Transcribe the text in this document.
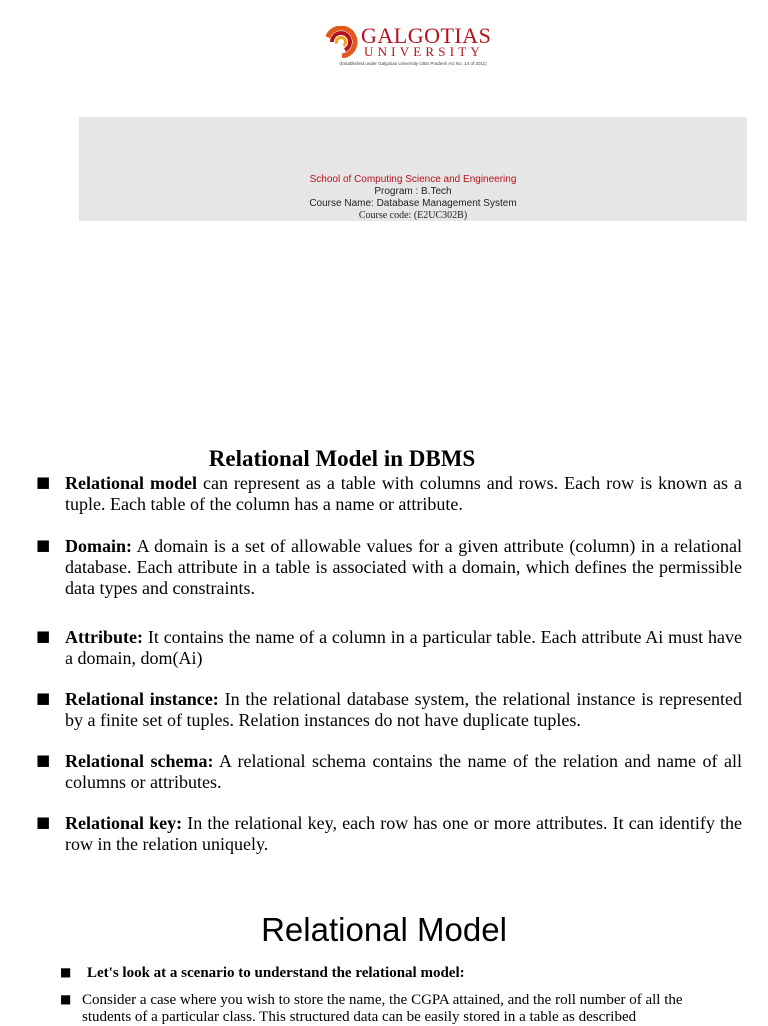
GALGOTIAS
UNIVERSITY
(Established under Galgotias University Uttar Pradesh Act No. 14 of 2011)
School of Computing Science and Engineering
Program : B.Tech
Course Name: Database Management System
Course code: (E2UC302B)
Relational Model in DBMS
■ Relational model can represent as a table with columns and rows. Each row is known as a tuple. Each table of the column has a name or attribute.
■ Domain: A domain is a set of allowable values for a given attribute (column) in a relational database. Each attribute in a table is associated with a domain, which defines the permissible data types and constraints.
■ Attribute: It contains the name of a column in a particular table. Each attribute Ai must have a domain, dom(Ai)
■ Relational instance: In the relational database system, the relational instance is represented by a finite set of tuples. Relation instances do not have duplicate tuples.
■ Relational schema: A relational schema contains the name of the relation and name of all columns or attributes.
■ Relational key: In the relational key, each row has one or more attributes. It can identify the row in the relation uniquely.
Relational Model
■ Let's look at a scenario to understand the relational model:
■ Consider a case where you wish to store the name, the CGPA attained, and the roll number of all the students of a particular class. This structured data can be easily stored in a table as described
